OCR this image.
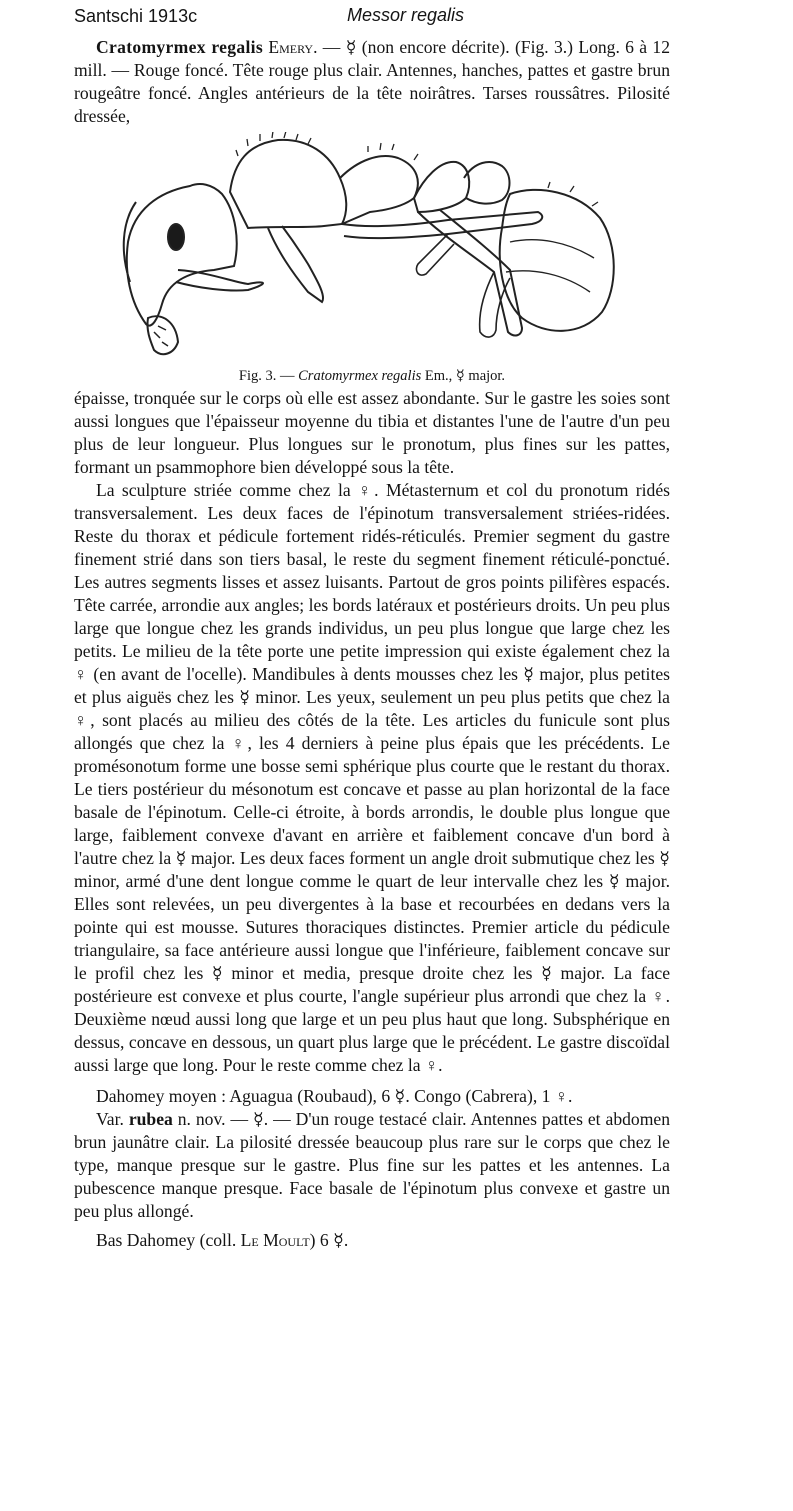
Santschi 1913c	Messor regalis

Cratomyrmex regalis Emery. — ☿ (non encore décrite). (Fig. 3.) Long. 6 à 12 mill. — Rouge foncé. Tête rouge plus clair. Antennes, hanches, pattes et gastre brun rougeâtre foncé. Angles antérieurs de la tête noirâtres. Tarses roussâtres. Pilosité dressée,

Fig. 3. — Cratomyrmex regalis Em., ☿ major.

épaisse, tronquée sur le corps où elle est assez abondante. Sur le gastre les soies sont aussi longues que l'épaisseur moyenne du tibia et distantes l'une de l'autre d'un peu plus de leur longueur. Plus longues sur le pronotum, plus fines sur les pattes, formant un psammophore bien développé sous la tête.

La sculpture striée comme chez la ♀. Métasternum et col du pronotum ridés transversalement. Les deux faces de l'épinotum transversalement striées-ridées. Reste du thorax et pédicule fortement ridés-réticulés. Premier segment du gastre finement strié dans son tiers basal, le reste du segment finement réticulé-ponctué. Les autres segments lisses et assez luisants. Partout de gros points pilifères espacés. Tête carrée, arrondie aux angles; les bords latéraux et postérieurs droits. Un peu plus large que longue chez les grands individus, un peu plus longue que large chez les petits. Le milieu de la tête porte une petite impression qui existe également chez la ♀ (en avant de l'ocelle). Mandibules à dents mousses chez les ☿ major, plus petites et plus aiguës chez les ☿ minor. Les yeux, seulement un peu plus petits que chez la ♀, sont placés au milieu des côtés de la tête. Les articles du funicule sont plus allongés que chez la ♀, les 4 derniers à peine plus épais que les précédents. Le promésonotum forme une bosse semi sphérique plus courte que le restant du thorax. Le tiers postérieur du mésonotum est concave et passe au plan horizontal de la face basale de l'épinotum. Celle-ci étroite, à bords arrondis, le double plus longue que large, faiblement convexe d'avant en arrière et faiblement concave d'un bord à l'autre chez la ☿ major. Les deux faces forment un angle droit submutique chez les ☿ minor, armé d'une dent longue comme le quart de leur intervalle chez les ☿ major. Elles sont relevées, un peu divergentes à la base et recourbées en dedans vers la pointe qui est mousse. Sutures thoraciques distinctes. Premier article du pédicule triangulaire, sa face antérieure aussi longue que l'inférieure, faiblement concave sur le profil chez les ☿ minor et media, presque droite chez les ☿ major. La face postérieure est convexe et plus courte, l'angle supérieur plus arrondi que chez la ♀. Deuxième nœud aussi long que large et un peu plus haut que long. Subsphérique en dessus, concave en dessous, un quart plus large que le précédent. Le gastre discoïdal aussi large que long. Pour le reste comme chez la ♀.

Dahomey moyen : Aguagua (Roubaud), 6 ☿. Congo (Cabrera), 1 ♀.

Var. rubea n. nov. — ☿. — D'un rouge testacé clair. Antennes pattes et abdomen brun jaunâtre clair. La pilosité dressée beaucoup plus rare sur le corps que chez le type, manque presque sur le gastre. Plus fine sur les pattes et les antennes. La pubescence manque presque. Face basale de l'épinotum plus convexe et gastre un peu plus allongé.

Bas Dahomey (coll. Le Moult) 6 ☿.
